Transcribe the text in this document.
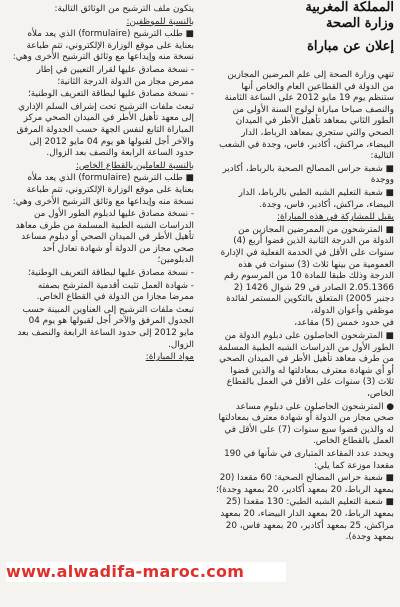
المملكة المغربية
وزارة الصحة
إعلان عن مباراة

تنهي وزارة الصحة إلى علم المرضين المجازين من الدولة في القطاعين العام والخاص أنها ستنظم يوم 19 مايو 2012 على الساعة الثامنة والنصف صباحا مباراة لولوج السنة الأولى من الطور الثاني بمعاهد تأهيل الأطر في الميدان الصحي والتي ستجري بمعاهد الرباط، الدار البيضاء، مراكش، أكادير، فاس، وجدة في الشعب التالية:

■ شعبة حراس المصالح الصحية بالرباط، أكادير ووجدة

■ شعبة التعليم الشبه الطبي بالرباط، الدار البيضاء، مراكش، أكادير، فاس، وجدة.

يقبل للمشاركة في هذه المباراة:

■ المترشحون من الممرضين المجازين من الدولة من الدرجة الثانية الذين قضوا أربع (4) سنوات على الأقل في الخدمة الفعلية في الإدارة العمومية من بينها ثلاث (3) سنوات في هذه الدرجة وذلك طبقا للمادة 10 من المرسوم رقم 2.05.1366 الصادر في 29 شوال 1426 (2 دجنبر 2005) المتعلق بالتكوين المستمر لفائدة موظفي وأعوان الدولة،

في حدود خمس (5) مقاعد،

■ المترشحون الحاصلون على دبلوم الدولة من الطور الأول من الدراسات الشبه الطبية المسلمة من طرف معاهد تأهيل الأطر في الميدان الصحي أو أي شهادة معترف بمعادلتها له والذين قضوا ثلاث (3) سنوات على الأقل في العمل بالقطاع الخاص،

● المترشحون الحاصلون على دبلوم مساعد صحي مجاز من الدولة أو شهادة معترف بمعادلتها له والذين قضوا سبع سنوات (7) على الأقل في العمل بالقطاع الخاص.

ويحدد عدد المقاعد المتبارى في شأنها في 190 مقعدا موزعة كما يلي:

■ شعبة حراس المصالح الصحية: 60 مقعدا (20 بمعهد الرباط، 20 بمعهد أكادير، 20 بمعهد وجدة)؛

■ شعبة التعليم الشبه الطبي: 130 مقعدا (25 بمعهد الرباط، 20 بمعهد الدار البيضاء، 20 بمعهد مراكش، 25 بمعهد أكادير، 20 بمعهد فاس، 20 بمعهد وجدة).

يتكون ملف الترشيح من الوثائق التالية:

بالنسبة للموظفين:

■ طلب الترشيح (formulaire) الذي يعد ملأه بعناية على موقع الوزارة الإلكتروني، تتم طباعة نسخة منه وإيداعها مع وثائق الترشيح الأخرى وهي:

- نسخة مصادق عليها لقرار التعيين في إطار ممرض مجاز من الدولة الدرجة الثانية؛

- نسخة مصادق عليها لبطاقة التعريف الوطنية؛

تبعث ملفات الترشيح تحت إشراف السلم الإداري إلى معهد تأهيل الأطر في الميدان الصحي مركز المباراة التابع لنفس الجهة حسب الجدولة المرفق والآخر أجل لقبولها هو يوم 04 مايو 2012 إلى حدود الساعة الرابعة والنصف بعد الزوال.

بالنسبة للعاملين بالقطاع الخاص:

■ طلب الترشيح (formulaire) الذي يعد ملأه بعناية على موقع الوزارة الإلكتروني، تتم طباعة نسخة منه وإيداعها مع وثائق الترشيح الأخرى وهي:

- نسخة مصادق عليها لدبلوم الطور الأول من الدراسات الشبه الطبية المسلمة من طرف معاهد تأهيل الأطر في الميدان الصحي أو دبلوم مساعد صحي مجاز من الدولة أو شهادة تعادل أحد الدبلومين؛

- نسخة مصادق عليها لبطاقة التعريف الوطنية؛

- شهادة العمل تثبت أقدمية المترشح بصفته ممرضا مجازا من الدولة في القطاع الخاص.

تبعث ملفات الترشيح إلى العناوين المبينة حسب الجدول المرفق والآخر أجل لقبولها هو يوم 04 مايو 2012 إلى حدود الساعة الرابعة والنصف بعد الزوال.

مواد المباراة:

www.alwadifa-maroc.com
